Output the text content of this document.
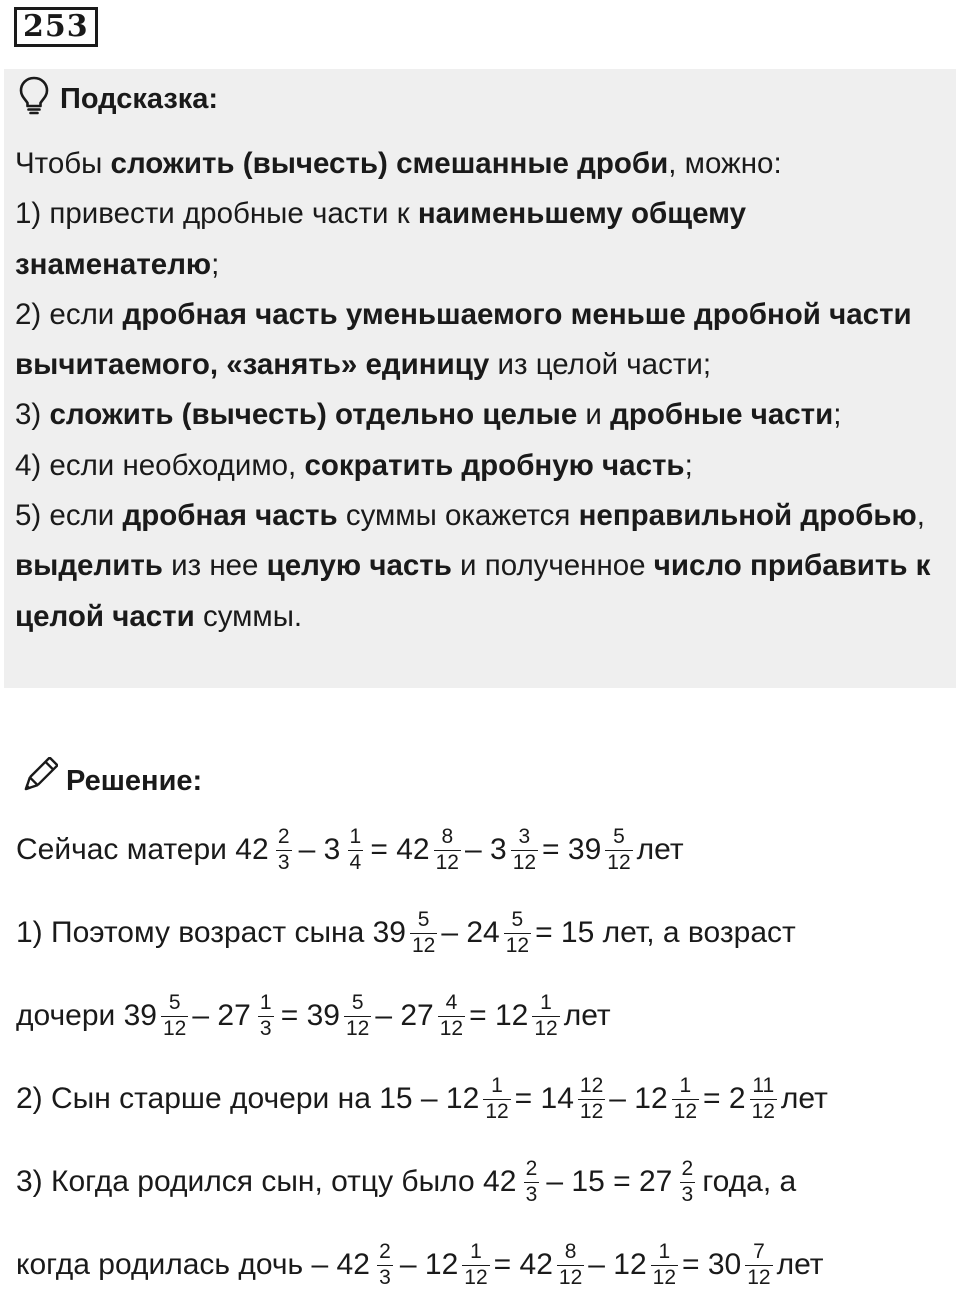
253
Подсказка:

Чтобы сложить (вычесть) смешанные дроби, можно:

1) привести дробные части к наименьшему общему знаменателю;

2) если дробная часть уменьшаемого меньше дробной части вычитаемого, «занять» единицу из целой части;

3) сложить (вычесть) отдельно целые и дробные части;

4) если необходимо, сократить дробную часть;

5) если дробная часть суммы окажется неправильной дробью, выделить из нее целую часть и полученное число прибавить к целой части суммы.

Решение:
Сейчас матери $42 \frac{2}{3} - 3 \frac{1}{4} = 42 \frac{8}{12} - 3 \frac{3}{12} = 39 \frac{5}{12}$ лет
1) Поэтому возраст сына $39 \frac{5}{12} - 24 \frac{5}{12} = 15$ лет, а возраст
дочери $39 \frac{5}{12} - 27 \frac{1}{3} = 39 \frac{5}{12} - 27 \frac{4}{12} = 12 \frac{1}{12}$ лет
2) Сын старше дочери на $15 - 12 \frac{1}{12} = 14 \frac{12}{12} - 12 \frac{1}{12} = 2 \frac{11}{12}$ лет
3) Когда родился сын, отцу было $42 \frac{2}{3} - 15 = 27 \frac{2}{3}$ года, а
когда родилась дочь – $42 \frac{2}{3} - 12 \frac{1}{12} = 42 \frac{8}{12} - 12 \frac{1}{12} = 30 \frac{7}{12}$ лет
